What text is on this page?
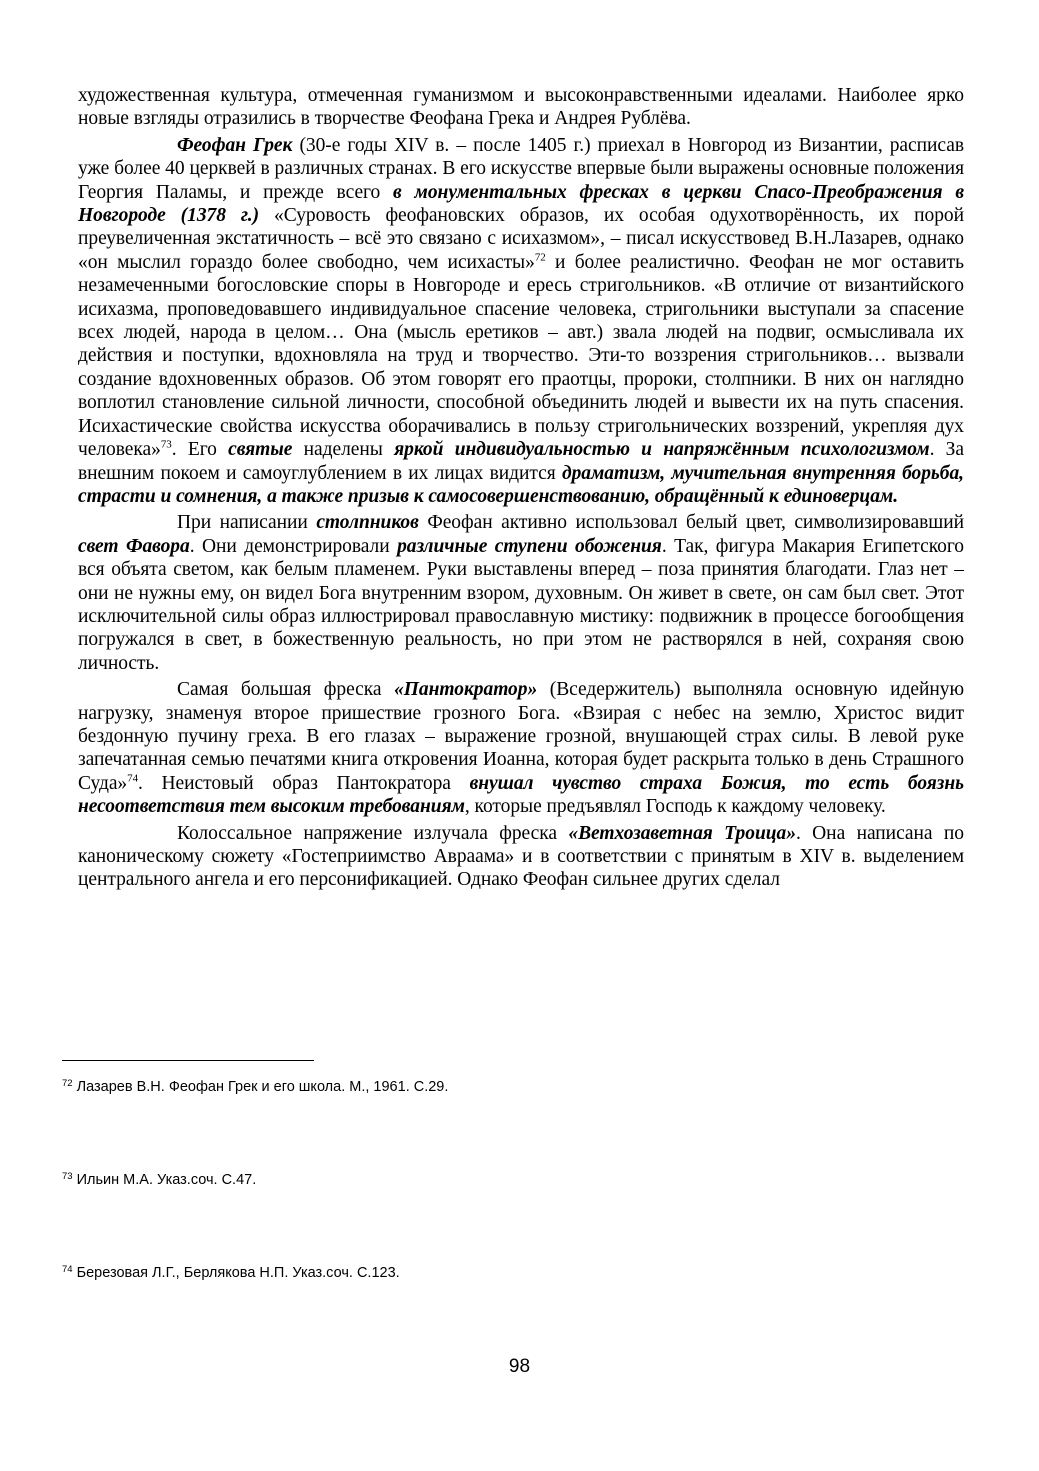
художественная культура, отмеченная гуманизмом и высоконравственными идеалами. Наиболее ярко новые взгляды отразились в творчестве Феофана Грека и Андрея Рублёва.

Феофан Грек (30-е годы XIV в. – после 1405 г.) приехал в Новгород из Византии, расписав уже более 40 церквей в различных странах. В его искусстве впервые были выражены основные положения Георгия Паламы, и прежде всего в монументальных фресках в церкви Спасо-Преображения в Новгороде (1378 г.) «Суровость феофановских образов, их особая одухотворённость, их порой преувеличенная экстатичность – всё это связано с исихазмом», – писал искусствовед В.Н.Лазарев, однако «он мыслил гораздо более свободно, чем исихасты»$^{72}$ и более реалистично. Феофан не мог оставить незамеченными богословские споры в Новгороде и ересь стригольников. «В отличие от византийского исихазма, проповедовавшего индивидуальное спасение человека, стригольники выступали за спасение всех людей, народа в целом… Она (мысль еретиков – авт.) звала людей на подвиг, осмысливала их действия и поступки, вдохновляла на труд и творчество. Эти-то воззрения стригольников… вызвали создание вдохновенных образов. Об этом говорят его праотцы, пророки, столпники. В них он наглядно воплотил становление сильной личности, способной объединить людей и вывести их на путь спасения. Исихастические свойства искусства оборачивались в пользу стригольнических воззрений, укрепляя дух человека»$^{73}$. Его святые наделены яркой индивидуальностью и напряжённым психологизмом. За внешним покоем и самоуглублением в их лицах видится драматизм, мучительная внутренняя борьба, страсти и сомнения, а также призыв к самосовершенствованию, обращённый к единоверцам.

При написании столпников Феофан активно использовал белый цвет, символизировавший свет Фавора. Они демонстрировали различные ступени обожения. Так, фигура Макария Египетского вся объята светом, как белым пламенем. Руки выставлены вперед – поза принятия благодати. Глаз нет – они не нужны ему, он видел Бога внутренним взором, духовным. Он живет в свете, он сам был свет. Этот исключительной силы образ иллюстрировал православную мистику: подвижник в процессе богообщения погружался в свет, в божественную реальность, но при этом не растворялся в ней, сохраняя свою личность.

Самая большая фреска «Пантократор» (Вседержитель) выполняла основную идейную нагрузку, знаменуя второе пришествие грозного Бога. «Взирая с небес на землю, Христос видит бездонную пучину греха. В его глазах – выражение грозной, внушающей страх силы. В левой руке запечатанная семью печатями книга откровения Иоанна, которая будет раскрыта только в день Страшного Суда»$^{74}$. Неистовый образ Пантократора внушал чувство страха Божия, то есть боязнь несоответствия тем высоким требованиям, которые предъявлял Господь к каждому человеку.

Колоссальное напряжение излучала фреска «Ветхозаветная Троица». Она написана по каноническому сюжету «Гостеприимство Авраама» и в соответствии с принятым в XIV в. выделением центрального ангела и его персонификацией. Однако Феофан сильнее других сделал

$^{72}$ Лазарев В.Н. Феофан Грек и его школа. М., 1961. С.29.
$^{73}$ Ильин М.А. Указ.соч. С.47.
$^{74}$ Березовая Л.Г., Берлякова Н.П. Указ.соч. С.123.
98
